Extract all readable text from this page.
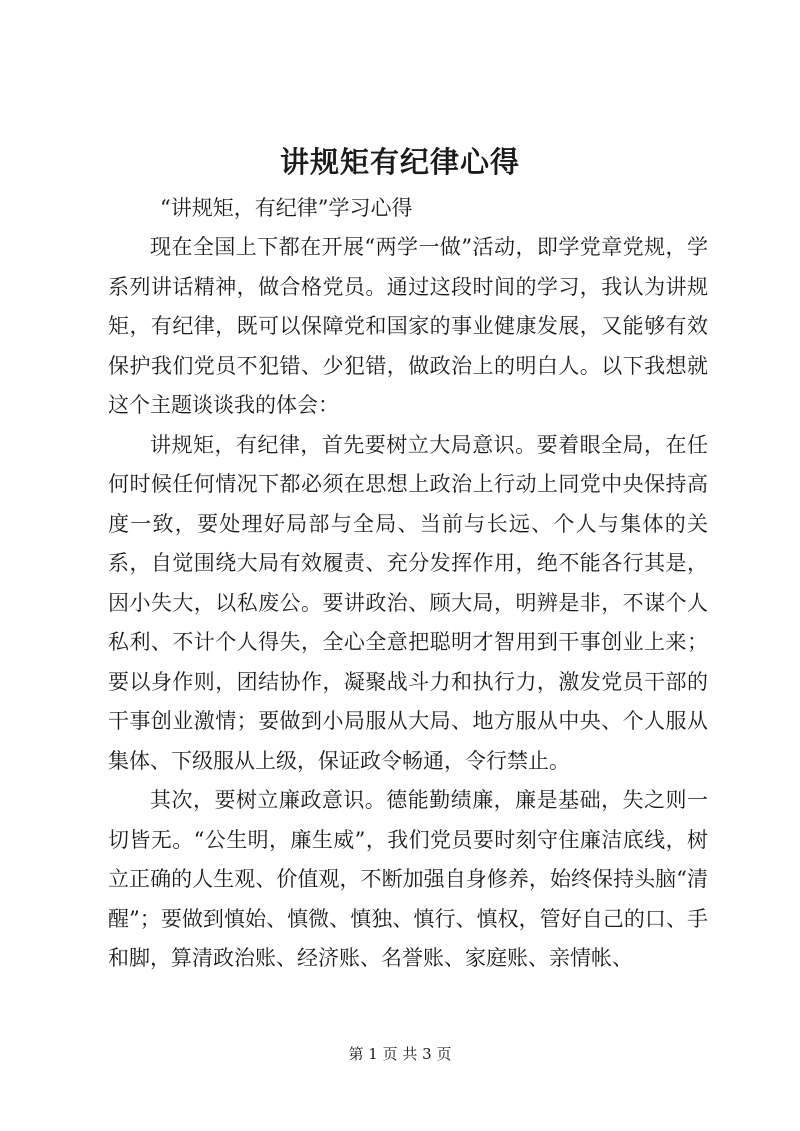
讲规矩有纪律心得
“讲规矩，有纪律”学习心得

现在全国上下都在开展“两学一做”活动，即学党章党规，学系列讲话精神，做合格党员。通过这段时间的学习，我认为讲规矩，有纪律，既可以保障党和国家的事业健康发展，又能够有效保护我们党员不犯错、少犯错，做政治上的明白人。以下我想就这个主题谈谈我的体会：

讲规矩，有纪律，首先要树立大局意识。要着眼全局，在任何时候任何情况下都必须在思想上政治上行动上同党中央保持高度一致，要处理好局部与全局、当前与长远、个人与集体的关系，自觉围绕大局有效履责、充分发挥作用，绝不能各行其是，因小失大，以私废公。要讲政治、顾大局，明辨是非，不谋个人私利、不计个人得失，全心全意把聪明才智用到干事创业上来；要以身作则，团结协作，凝聚战斗力和执行力，激发党员干部的干事创业激情；要做到小局服从大局、地方服从中央、个人服从集体、下级服从上级，保证政令畅通，令行禁止。

其次，要树立廉政意识。德能勤绩廉，廉是基础，失之则一切皆无。“公生明，廉生威”，我们党员要时刻守住廉洁底线，树立正确的人生观、价值观，不断加强自身修养，始终保持头脑“清醒”；要做到慎始、慎微、慎独、慎行、慎权，管好自己的口、手和脚，算清政治账、经济账、名誉账、家庭账、亲情帐、

第 1 页 共 3 页
